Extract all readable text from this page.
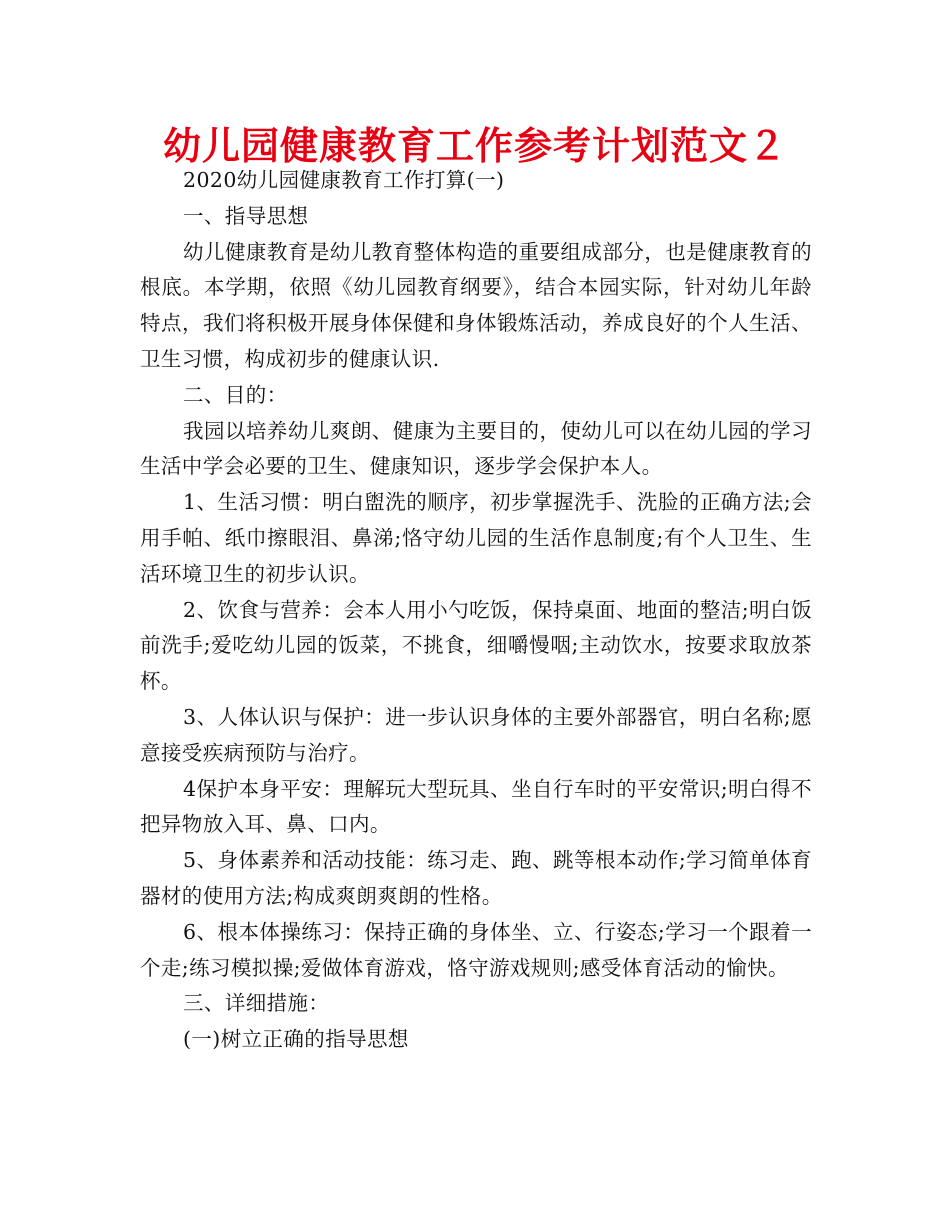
幼儿园健康教育工作参考计划范文２

2020幼儿园健康教育工作打算(一)

一、指导思想

幼儿健康教育是幼儿教育整体构造的重要组成部分，也是健康教育的根底。本学期，依照《幼儿园教育纲要》，结合本园实际，针对幼儿年龄特点，我们将积极开展身体保健和身体锻炼活动，养成良好的个人生活、卫生习惯，构成初步的健康认识.

二、目的：

我园以培养幼儿爽朗、健康为主要目的，使幼儿可以在幼儿园的学习生活中学会必要的卫生、健康知识，逐步学会保护本人。

1、生活习惯：明白盥洗的顺序，初步掌握洗手、洗脸的正确方法;会用手帕、纸巾擦眼泪、鼻涕;恪守幼儿园的生活作息制度;有个人卫生、生活环境卫生的初步认识。

2、饮食与营养：会本人用小勺吃饭，保持桌面、地面的整洁;明白饭前洗手;爱吃幼儿园的饭菜，不挑食，细嚼慢咽;主动饮水，按要求取放茶杯。

3、人体认识与保护：进一步认识身体的主要外部器官，明白名称;愿意接受疾病预防与治疗。

4保护本身平安：理解玩大型玩具、坐自行车时的平安常识;明白得不把异物放入耳、鼻、口内。

5、身体素养和活动技能：练习走、跑、跳等根本动作;学习简单体育器材的使用方法;构成爽朗爽朗的性格。

6、根本体操练习：保持正确的身体坐、立、行姿态;学习一个跟着一个走;练习模拟操;爱做体育游戏，恪守游戏规则;感受体育活动的愉快。

三、详细措施：

(一)树立正确的指导思想
